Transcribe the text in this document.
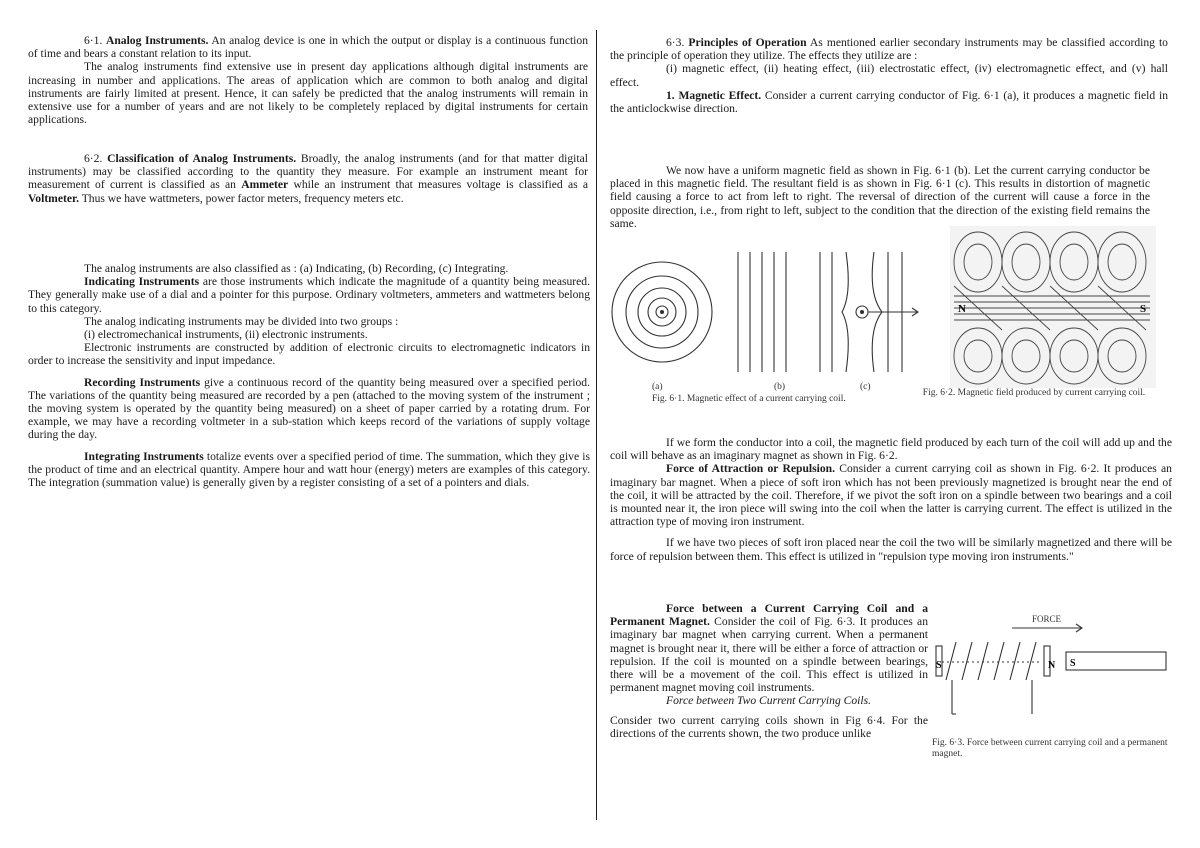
6·1. Analog Instruments. An analog device is one in which the output or display is a continuous function of time and bears a constant relation to its input.

The analog instruments find extensive use in present day applications although digital instruments are increasing in number and applications. The areas of application which are common to both analog and digital instruments are fairly limited at present. Hence, it can safely be predicted that the analog instruments will remain in extensive use for a number of years and are not likely to be completely replaced by digital instruments for certain applications.

6·2. Classification of Analog Instruments. Broadly, the analog instruments (and for that matter digital instruments) may be classified according to the quantity they measure. For example an instrument meant for measurement of current is classified as an Ammeter while an instrument that measures voltage is classified as a Voltmeter. Thus we have wattmeters, power factor meters, frequency meters etc.

The analog instruments are also classified as : (a) Indicating, (b) Recording, (c) Integrating.

Indicating Instruments are those instruments which indicate the magnitude of a quantity being measured. They generally make use of a dial and a pointer for this purpose. Ordinary voltmeters, ammeters and wattmeters belong to this category.

The analog indicating instruments may be divided into two groups :

(i) electromechanical instruments, (ii) electronic instruments.

Electronic instruments are constructed by addition of electronic circuits to electromagnetic indicators in order to increase the sensitivity and input impedance.

Recording Instruments give a continuous record of the quantity being measured over a specified period. The variations of the quantity being measured are recorded by a pen (attached to the moving system of the instrument ; the moving system is operated by the quantity being measured) on a sheet of paper carried by a rotating drum. For example, we may have a recording voltmeter in a sub-station which keeps record of the variations of supply voltage during the day.

Integrating Instruments totalize events over a specified period of time. The summation, which they give is the product of time and an electrical quantity. Ampere hour and watt hour (energy) meters are examples of this category. The integration (summation value) is generally given by a register consisting of a set of a pointers and dials.

6·3. Principles of Operation As mentioned earlier secondary instruments may be classified according to the principle of operation they utilize. The effects they utilize are :

(i) magnetic effect, (ii) heating effect, (iii) electrostatic effect, (iv) electromagnetic effect, and (v) hall effect.

1. Magnetic Effect. Consider a current carrying conductor of Fig. 6·1 (a), it produces a magnetic field in the anticlockwise direction.

We now have a uniform magnetic field as shown in Fig. 6·1 (b). Let the current carrying conductor be placed in this magnetic field. The resultant field is as shown in Fig. 6·1 (c). This results in distortion of magnetic field causing a force to act from left to right. The reversal of direction of the current will cause a force in the opposite direction, i.e., from right to left, subject to the condition that the direction of the existing field remains the same.

(a)	(b)	(c)
Fig. 6·1. Magnetic effect of a current carrying coil.
N	S
Fig. 6·2. Magnetic field produced by current carrying coil.

If we form the conductor into a coil, the magnetic field produced by each turn of the coil will add up and the coil will behave as an imaginary magnet as shown in Fig. 6·2.

Force of Attraction or Repulsion. Consider a current carrying coil as shown in Fig. 6·2. It produces an imaginary bar magnet. When a piece of soft iron which has not been previously magnetized is brought near the end of the coil, it will be attracted by the coil. Therefore, if we pivot the soft iron on a spindle between two bearings and a coil is mounted near it, the iron piece will swing into the coil when the latter is carrying current. The effect is utilized in the attraction type of moving iron instrument.

If we have two pieces of soft iron placed near the coil the two will be similarly magnetized and there will be force of repulsion between them. This effect is utilized in "repulsion type moving iron instruments."

Force between a Current Carrying Coil and a Permanent Magnet. Consider the coil of Fig. 6·3. It produces an imaginary bar magnet when carrying current. When a permanent magnet is brought near it, there will be either a force of attraction or repulsion. If the coil is mounted on a spindle between bearings, there will be a movement of the coil. This effect is utilized in permanent magnet moving coil instruments.

Force between Two Current Carrying Coils.

Consider two current carrying coils shown in Fig 6·4. For the directions of the currents shown, the two produce unlike

FORCE
S	N S
Fig. 6·3. Force between current carrying coil and a permanent magnet.
